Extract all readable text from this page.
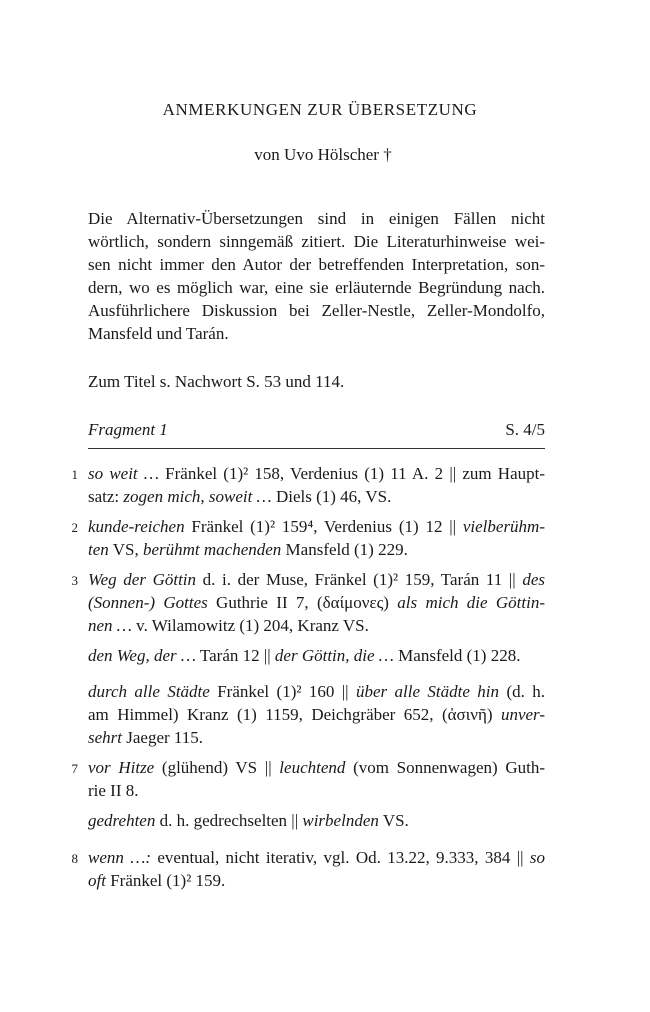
ANMERKUNGEN ZUR ÜBERSETZUNG
von Uvo Hölscher †
Die Alternativ-Übersetzungen sind in einigen Fällen nicht
wörtlich, sondern sinngemäß zitiert. Die Literaturhinweise wei-
sen nicht immer den Autor der betreffenden Interpretation, son-
dern, wo es möglich war, eine sie erläuternde Begründung nach.
Ausführlichere Diskussion bei Zeller-Nestle, Zeller-Mondolfo,
Mansfeld und Tarán.
Zum Titel s. Nachwort S. 53 und 114.
Fragment 1	S. 4/5
1 so weit … Fränkel (1)² 158, Verdenius (1) 11 A. 2 || zum Haupt-
satz: zogen mich, soweit … Diels (1) 46, VS.
2 kunde-reichen Fränkel (1)² 159⁴, Verdenius (1) 12 || vielberühm-
ten VS, berühmt machenden Mansfeld (1) 229.
3 Weg der Göttin d. i. der Muse, Fränkel (1)² 159, Tarán 11 || des
(Sonnen-) Gottes Guthrie II 7, (δαίμονες) als mich die Göttin-
nen … v. Wilamowitz (1) 204, Kranz VS.
den Weg, der … Tarán 12 || der Göttin, die … Mansfeld (1) 228.
durch alle Städte Fränkel (1)² 160 || über alle Städte hin (d. h.
am Himmel) Kranz (1) 1159, Deichgräber 652, (ἀσινῆ) unver-
sehrt Jaeger 115.
7 vor Hitze (glühend) VS || leuchtend (vom Sonnenwagen) Guth-
rie II 8.
gedrehten d. h. gedrechselten || wirbelnden VS.
8 wenn …: eventual, nicht iterativ, vgl. Od. 13.22, 9.333, 384 || so
oft Fränkel (1)² 159.
